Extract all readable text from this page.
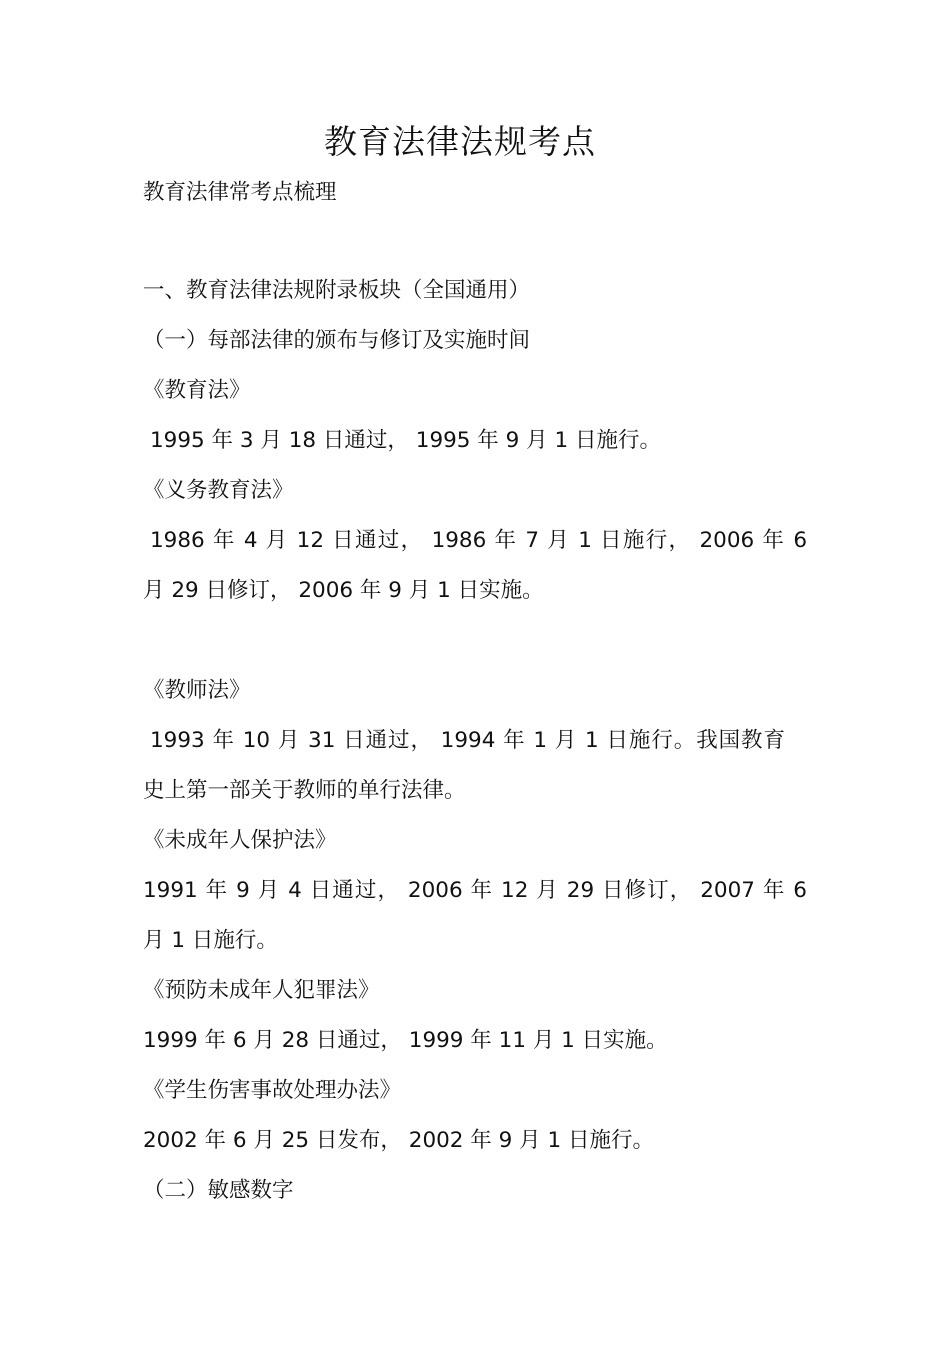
教育法律法规考点
教育法律常考点梳理
一、教育法律法规附录板块（全国通用）
（一）每部法律的颁布与修订及实施时间
《教育法》
1995 年 3 月 18 日通过， 1995 年 9 月 1 日施行。
《义务教育法》
1986 年 4 月 12 日通过， 1986 年 7 月 1 日施行， 2006 年 6
月 29 日修订， 2006 年 9 月 1 日实施。
《教师法》
1993 年 10 月 31 日通过， 1994 年 1 月 1 日施行。我国教育
史上第一部关于教师的单行法律。
《未成年人保护法》
1991 年 9 月 4 日通过， 2006 年 12 月 29 日修订， 2007 年 6
月 1 日施行。
《预防未成年人犯罪法》
1999 年 6 月 28 日通过， 1999 年 11 月 1 日实施。
《学生伤害事故处理办法》
2002 年 6 月 25 日发布， 2002 年 9 月 1 日施行。
（二）敏感数字
